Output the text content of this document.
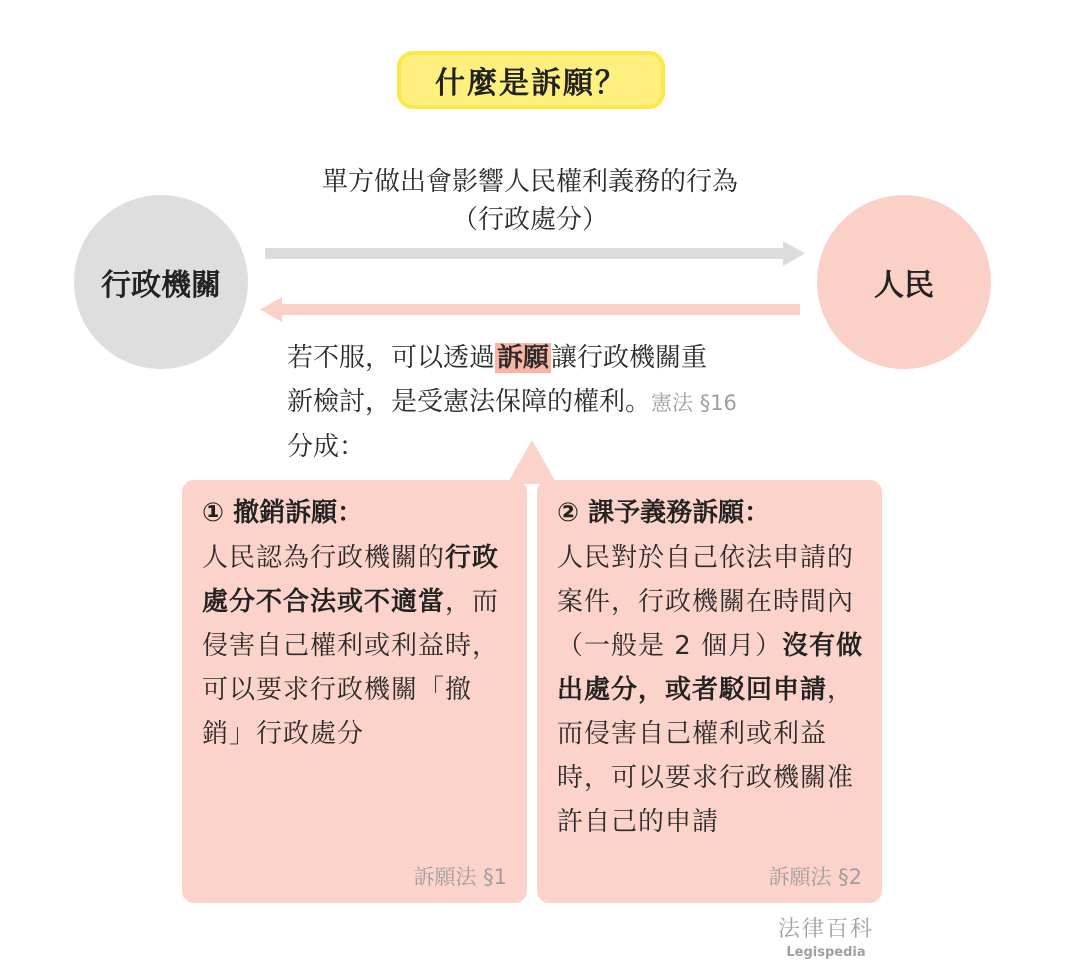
什麼是訴願？
行政機關	人民
單方做出會影響人民權利義務的行為
（行政處分）
若不服，可以透過訴願讓行政機關重
新檢討，是受憲法保障的權利。憲法 §16
分成：
① 撤銷訴願：
人民認為行政機關的行政處分不合法或不適當，而侵害自己權利或利益時，可以要求行政機關「撤銷」行政處分
訴願法 §1
② 課予義務訴願：
人民對於自己依法申請的案件，行政機關在時間內（一般是 2 個月）沒有做出處分，或者駁回申請，而侵害自己權利或利益時，可以要求行政機關准許自己的申請
訴願法 §2
法律百科
Legispedia
